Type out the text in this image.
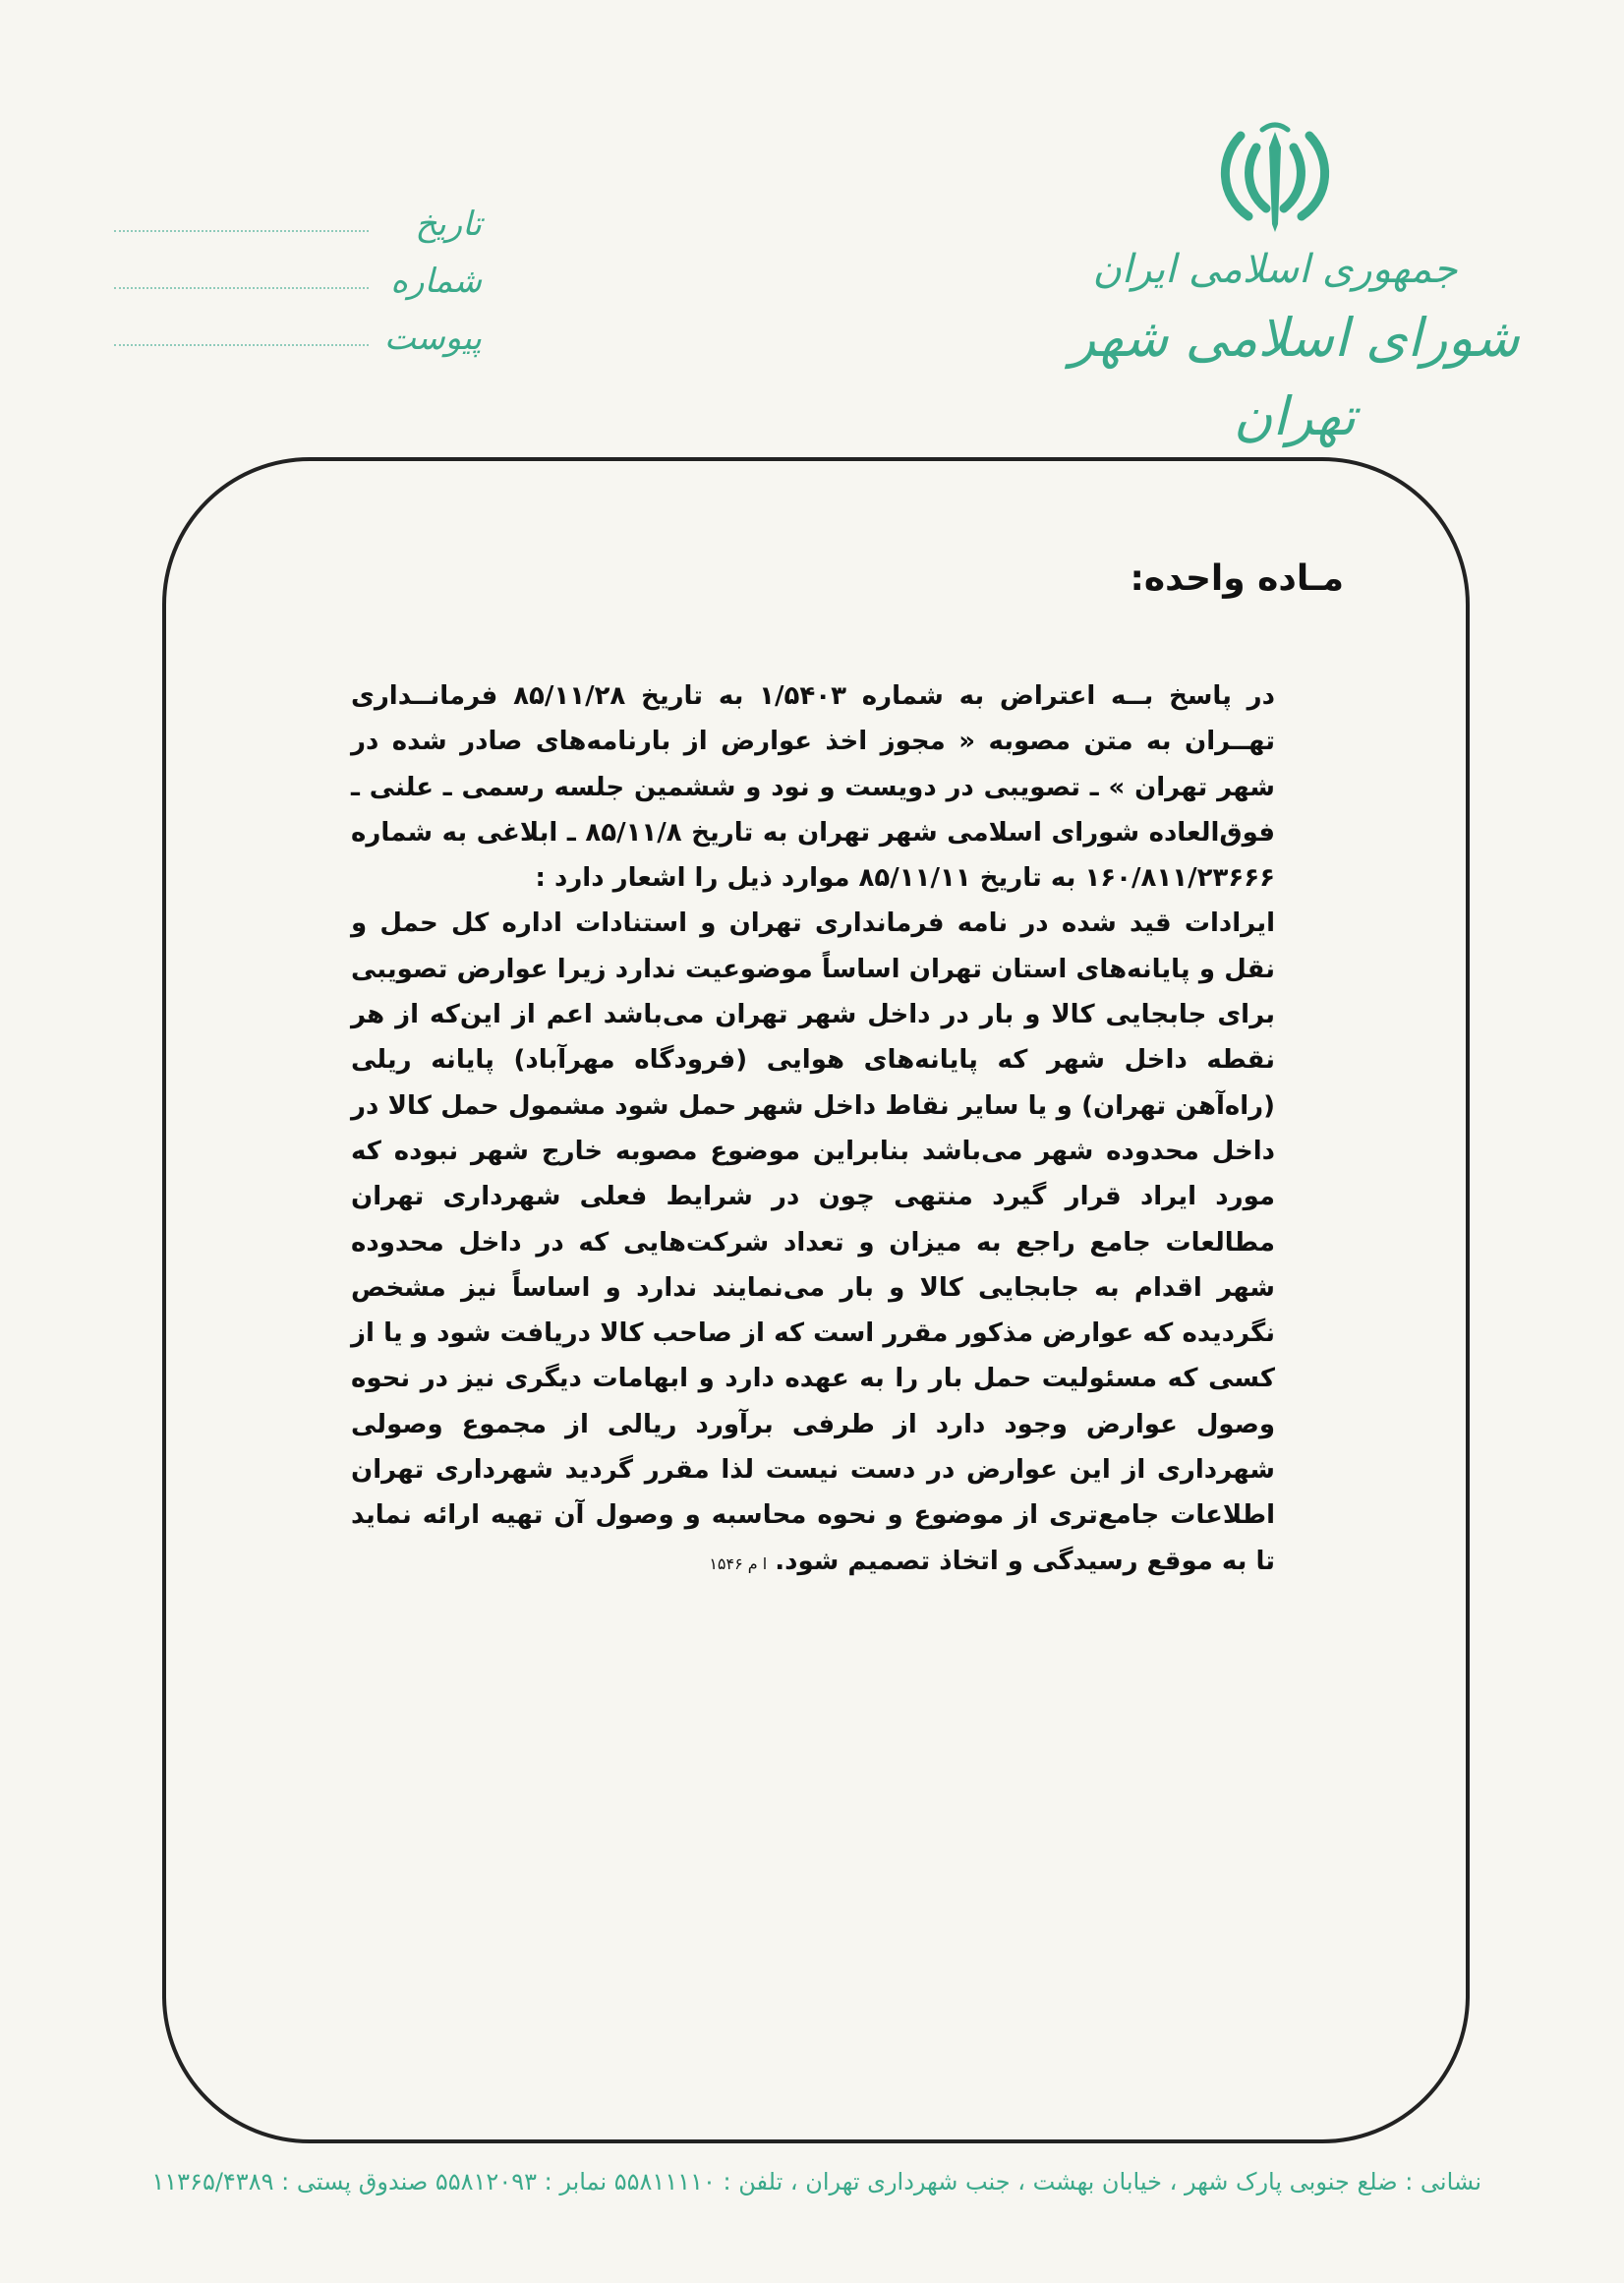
جمهوری اسلامی ایران
شورای اسلامی شهر تهران
تاریخ
شماره
پیوست
مـاده واحده:

در پاسخ بــه اعتراض به شماره ۱/۵۴۰۳ به تاریخ ۸۵/۱۱/۲۸ فرمانــداری تهــران به متن مصوبه « مجوز اخذ عوارض از بارنامه‌های صادر شده در شهر تهران » ـ تصویبی در دویست و نود و ششمین جلسه رسمی ـ علنی ـ فوق‌العاده شورای اسلامی شهر تهران به تاریخ ۸۵/۱۱/۸ ـ ابلاغی به شماره ۱۶۰/۸۱۱/۲۳۶۶۶ به تاریخ ۸۵/۱۱/۱۱ موارد ذیل را اشعار دارد :

ایرادات قید شده در نامه فرمانداری تهران و استنادات اداره کل حمل و نقل و پایانه‌های استان تهران اساساً موضوعیت ندارد زیرا عوارض تصویبی برای جابجایی کالا و بار در داخل شهر تهران می‌باشد اعم از این‌که از هر نقطه داخل شهر که پایانه‌های هوایی (فرودگاه مهرآباد) پایانه ریلی (راه‌آهن تهران) و یا سایر نقاط داخل شهر حمل شود مشمول حمل کالا در داخل محدوده شهر می‌باشد بنابراین موضوع مصوبه خارج شهر نبوده که مورد ایراد قرار گیرد منتهی چون در شرایط فعلی شهرداری تهران مطالعات جامع راجع به میزان و تعداد شرکت‌هایی که در داخل محدوده شهر اقدام به جابجایی کالا و بار می‌نمایند ندارد و اساساً نیز مشخص نگردیده که عوارض مذکور مقرر است که از صاحب کالا دریافت شود و یا از کسی که مسئولیت حمل بار را به عهده دارد و ابهامات دیگری نیز در نحوه وصول عوارض وجود دارد از طرفی برآورد ریالی از مجموع وصولی شهرداری از این عوارض در دست نیست لذا مقرر گردید شهرداری تهران اطلاعات جامع‌تری از موضوع و نحوه محاسبه و وصول آن تهیه ارائه نماید تا به موقع رسیدگی و اتخاذ تصمیم شود.ا م ۱۵۴۶

نشانی : ضلع جنوبی پارک شهر ، خیابان بهشت ، جنب شهرداری تهران ، تلفن : ۵۵۸۱۱۱۱۰ نمابر : ۵۵۸۱۲۰۹۳ صندوق پستی : ۱۱۳۶۵/۴۳۸۹
